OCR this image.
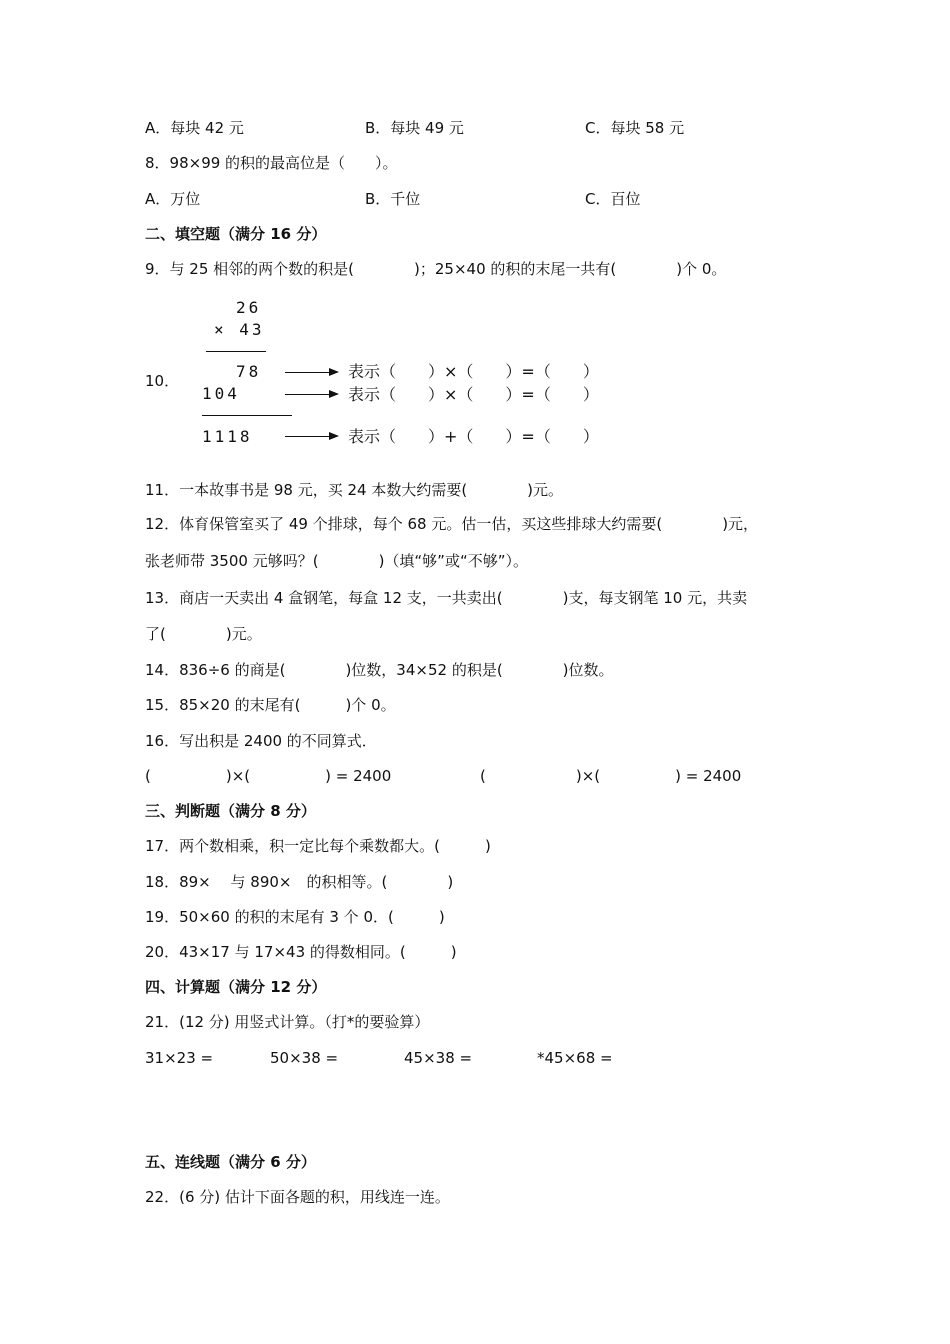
A．每块 42 元	B．每块 49 元	C．每块 58 元
8．98×99 的积的最高位是（　　）。
A．万位	B．千位	C．百位
二、填空题（满分 16 分）
9．与 25 相邻的两个数的积是(　　　　)；25×40 的积的末尾一共有(　　　　)个 0。
10．
26
× 43
78
104
1118
表示（　　）×（　　）=（　　）
表示（　　）×（　　）=（　　）
表示（　　）+（　　）=（　　）
11．一本故事书是 98 元，买 24 本数大约需要(　　　　)元。
12．体育保管室买了 49 个排球，每个 68 元。估一估，买这些排球大约需要(　　　　)元，
张老师带 3500 元够吗？(　　　　)（填“够”或“不够”）。
13．商店一天卖出 4 盒钢笔，每盒 12 支，一共卖出(　　　　)支，每支钢笔 10 元，共卖
了(　　　　)元。
14．836÷6 的商是(　　　　)位数，34×52 的积是(　　　　)位数。
15．85×20 的末尾有(　　　)个 0。
16．写出积是 2400 的不同算式．
(　　　　　)×(　　　　　) = 2400	(　　　　　　)×(　　　　　) = 2400
三、判断题（满分 8 分）
17．两个数相乘，积一定比每个乘数都大。(　　　)
18．89×　 与 890×　的积相等。(　　　　)
19．50×60 的积的末尾有 3 个 0．(　　　)
20．43×17 与 17×43 的得数相同。(　　　)
四、计算题（满分 12 分）
21．(12 分) 用竖式计算。（打*的要验算）
31×23 =	50×38 =	45×38 =	*45×68 =
五、连线题（满分 6 分）
22．(6 分) 估计下面各题的积，用线连一连。
